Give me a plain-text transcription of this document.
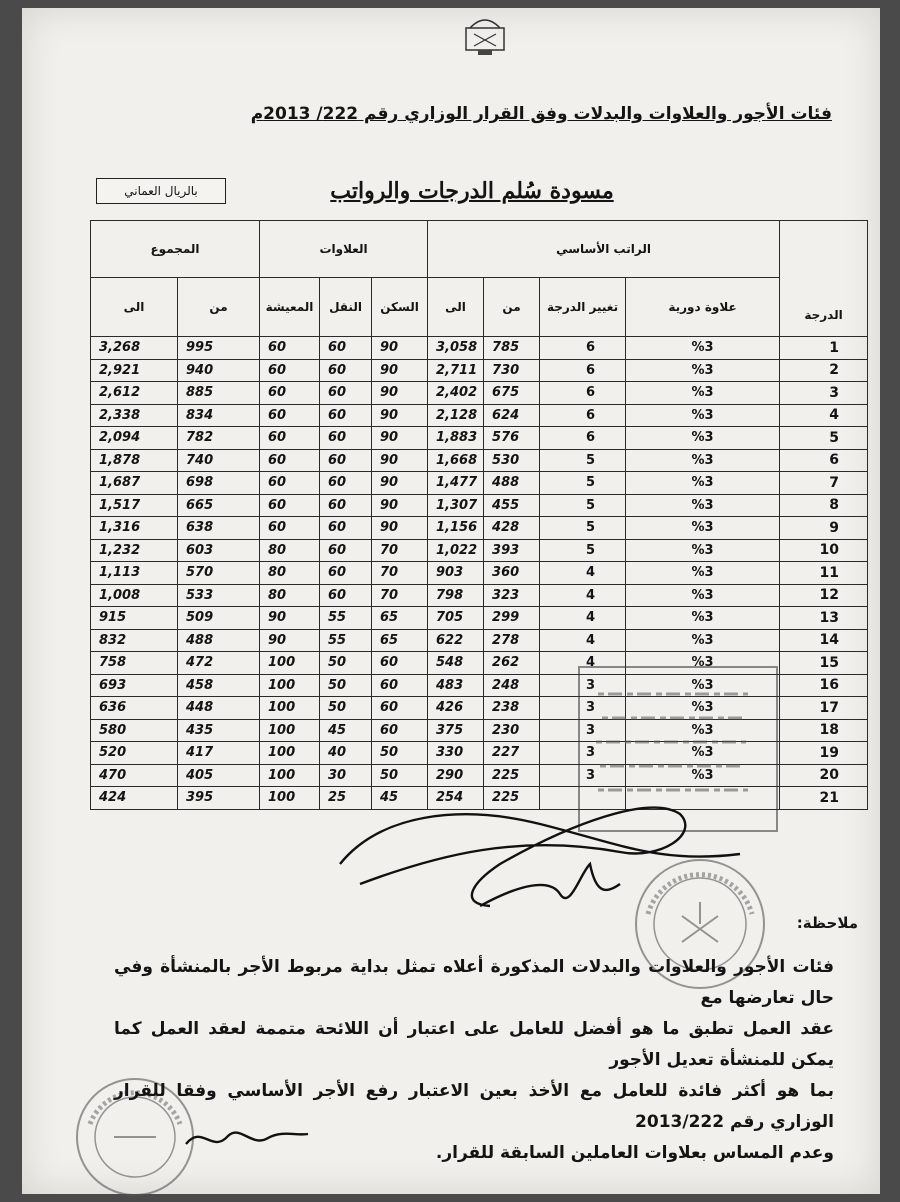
فئات الأجور والعلاوات والبدلات وفق القرار الوزاري رقم 222/ 2013م
مسودة سُلم الدرجات والرواتب
بالريال العماني
الدرجة	الراتب الأساسي				العلاوات			المجموع	
	علاوة دورية	تغيير الدرجة	من	الى	السكن	النقل	المعيشة	من	الى
1	%3	6	785	3,058	90	60	60	995	3,268
2	%3	6	730	2,711	90	60	60	940	2,921
3	%3	6	675	2,402	90	60	60	885	2,612
4	%3	6	624	2,128	90	60	60	834	2,338
5	%3	6	576	1,883	90	60	60	782	2,094
6	%3	5	530	1,668	90	60	60	740	1,878
7	%3	5	488	1,477	90	60	60	698	1,687
8	%3	5	455	1,307	90	60	60	665	1,517
9	%3	5	428	1,156	90	60	60	638	1,316
10	%3	5	393	1,022	70	60	80	603	1,232
11	%3	4	360	903	70	60	80	570	1,113
12	%3	4	323	798	70	60	80	533	1,008
13	%3	4	299	705	65	55	90	509	915
14	%3	4	278	622	65	55	90	488	832
15	%3	4	262	548	60	50	100	472	758
16	%3	3	248	483	60	50	100	458	693
17	%3	3	238	426	60	50	100	448	636
18	%3	3	230	375	60	45	100	435	580
19	%3	3	227	330	50	40	100	417	520
20	%3	3	225	290	50	30	100	405	470
21			225	254	45	25	100	395	424
ملاحظة:

فئات الأجور والعلاوات والبدلات المذكورة أعلاه تمثل بداية مربوط الأجر بالمنشأة وفي حال تعارضها مع

عقد العمل تطبق ما هو أفضل للعامل على اعتبار أن اللائحة متممة لعقد العمل كما يمكن للمنشأة تعديل الأجور

بما هو أكثر فائدة للعامل مع الأخذ بعين الاعتبار رفع الأجر الأساسي وفقا للقرار الوزاري رقم 2013/222

وعدم المساس بعلاوات العاملين السابقة للقرار.
